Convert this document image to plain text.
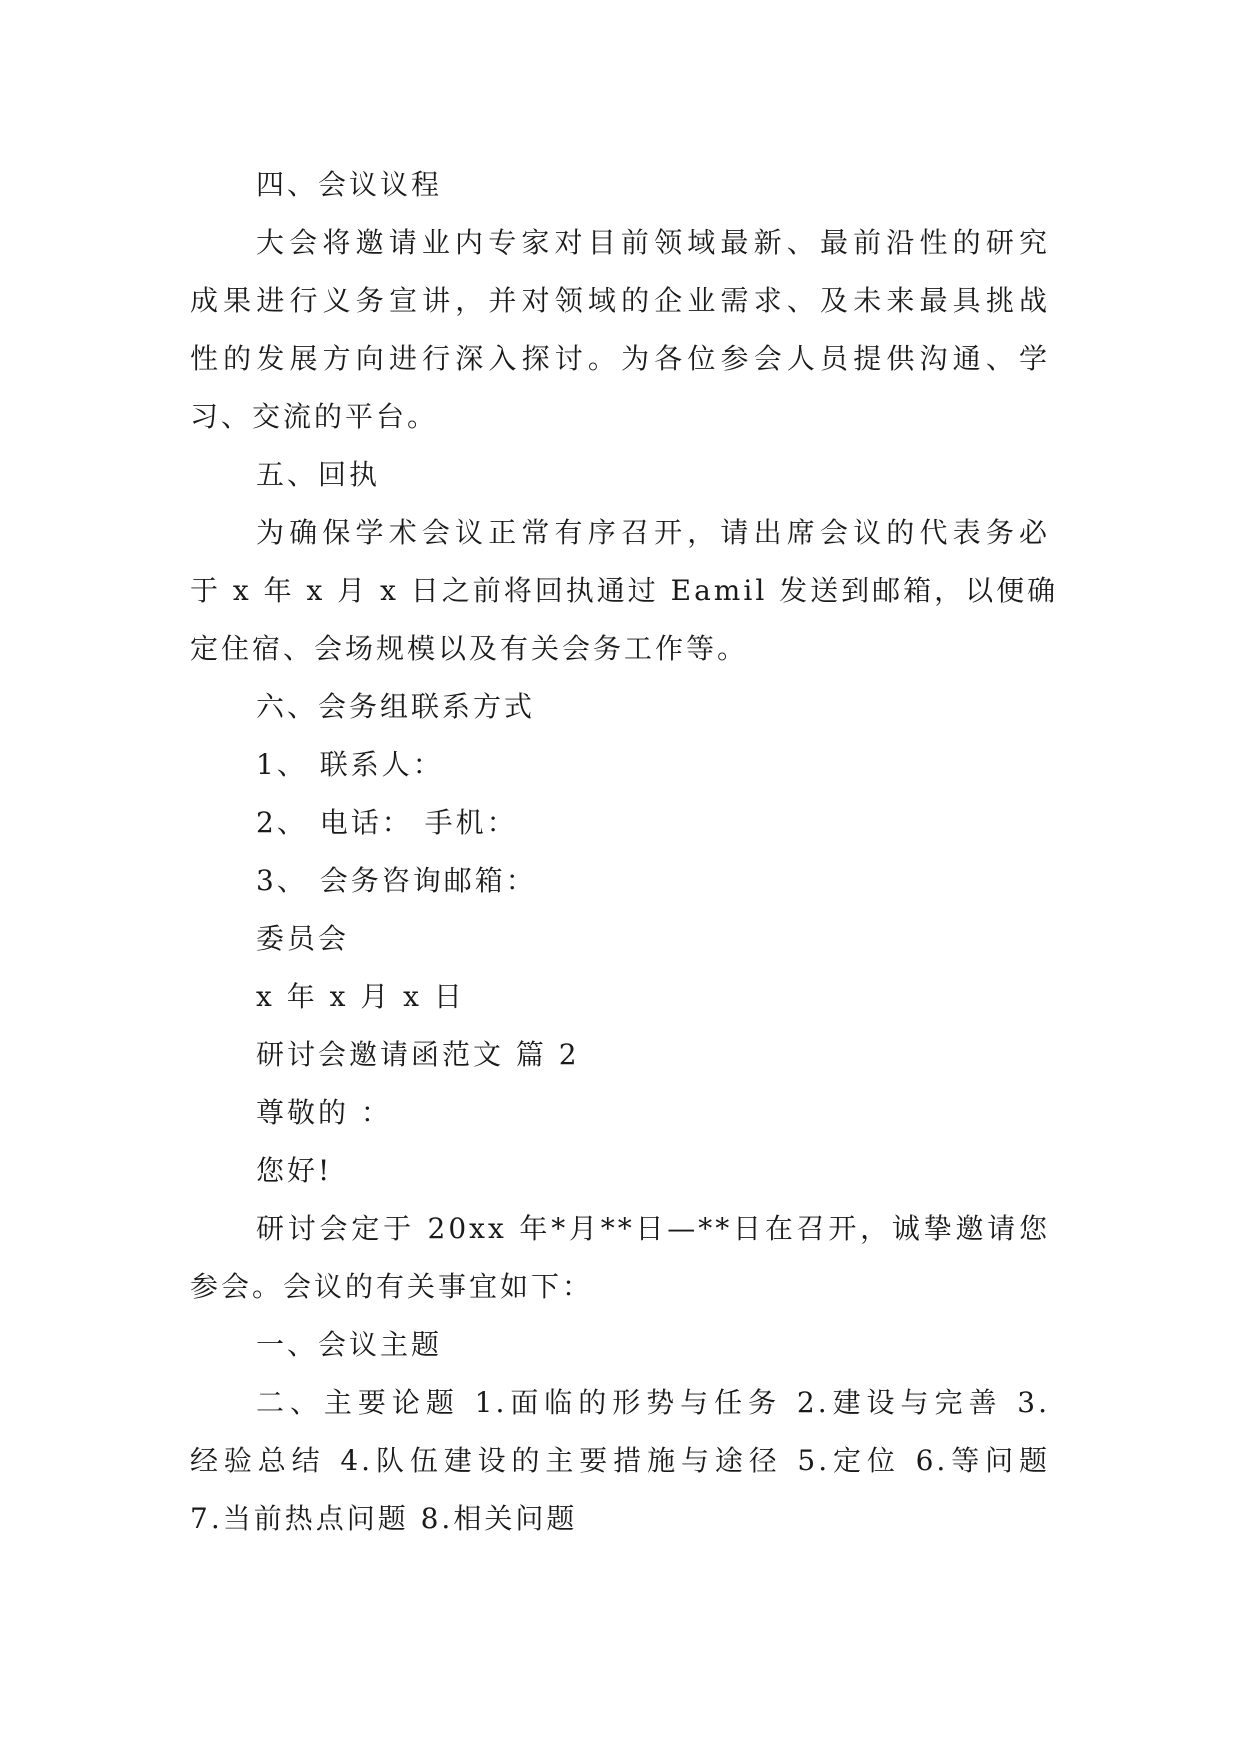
四、会议议程

大会将邀请业内专家对目前领域最新、最前沿性的研究

成果进行义务宣讲，并对领域的企业需求、及未来最具挑战

性的发展方向进行深入探讨。为各位参会人员提供沟通、学

习、交流的平台。

五、回执

为确保学术会议正常有序召开，请出席会议的代表务必

于 x 年 x 月 x 日之前将回执通过 Eamil 发送到邮箱，以便确

定住宿、会场规模以及有关会务工作等。

六、会务组联系方式

1、 联系人：

2、 电话： 手机：

3、 会务咨询邮箱：

委员会

x 年 x 月 x 日

研讨会邀请函范文 篇 2

尊敬的 ：

您好!

研讨会定于 20xx 年*月**日—**日在召开，诚挚邀请您

参会。会议的有关事宜如下：

一、会议主题

二、主要论题 1.面临的形势与任务 2.建设与完善 3.

经验总结 4.队伍建设的主要措施与途径 5.定位 6.等问题

7.当前热点问题 8.相关问题
